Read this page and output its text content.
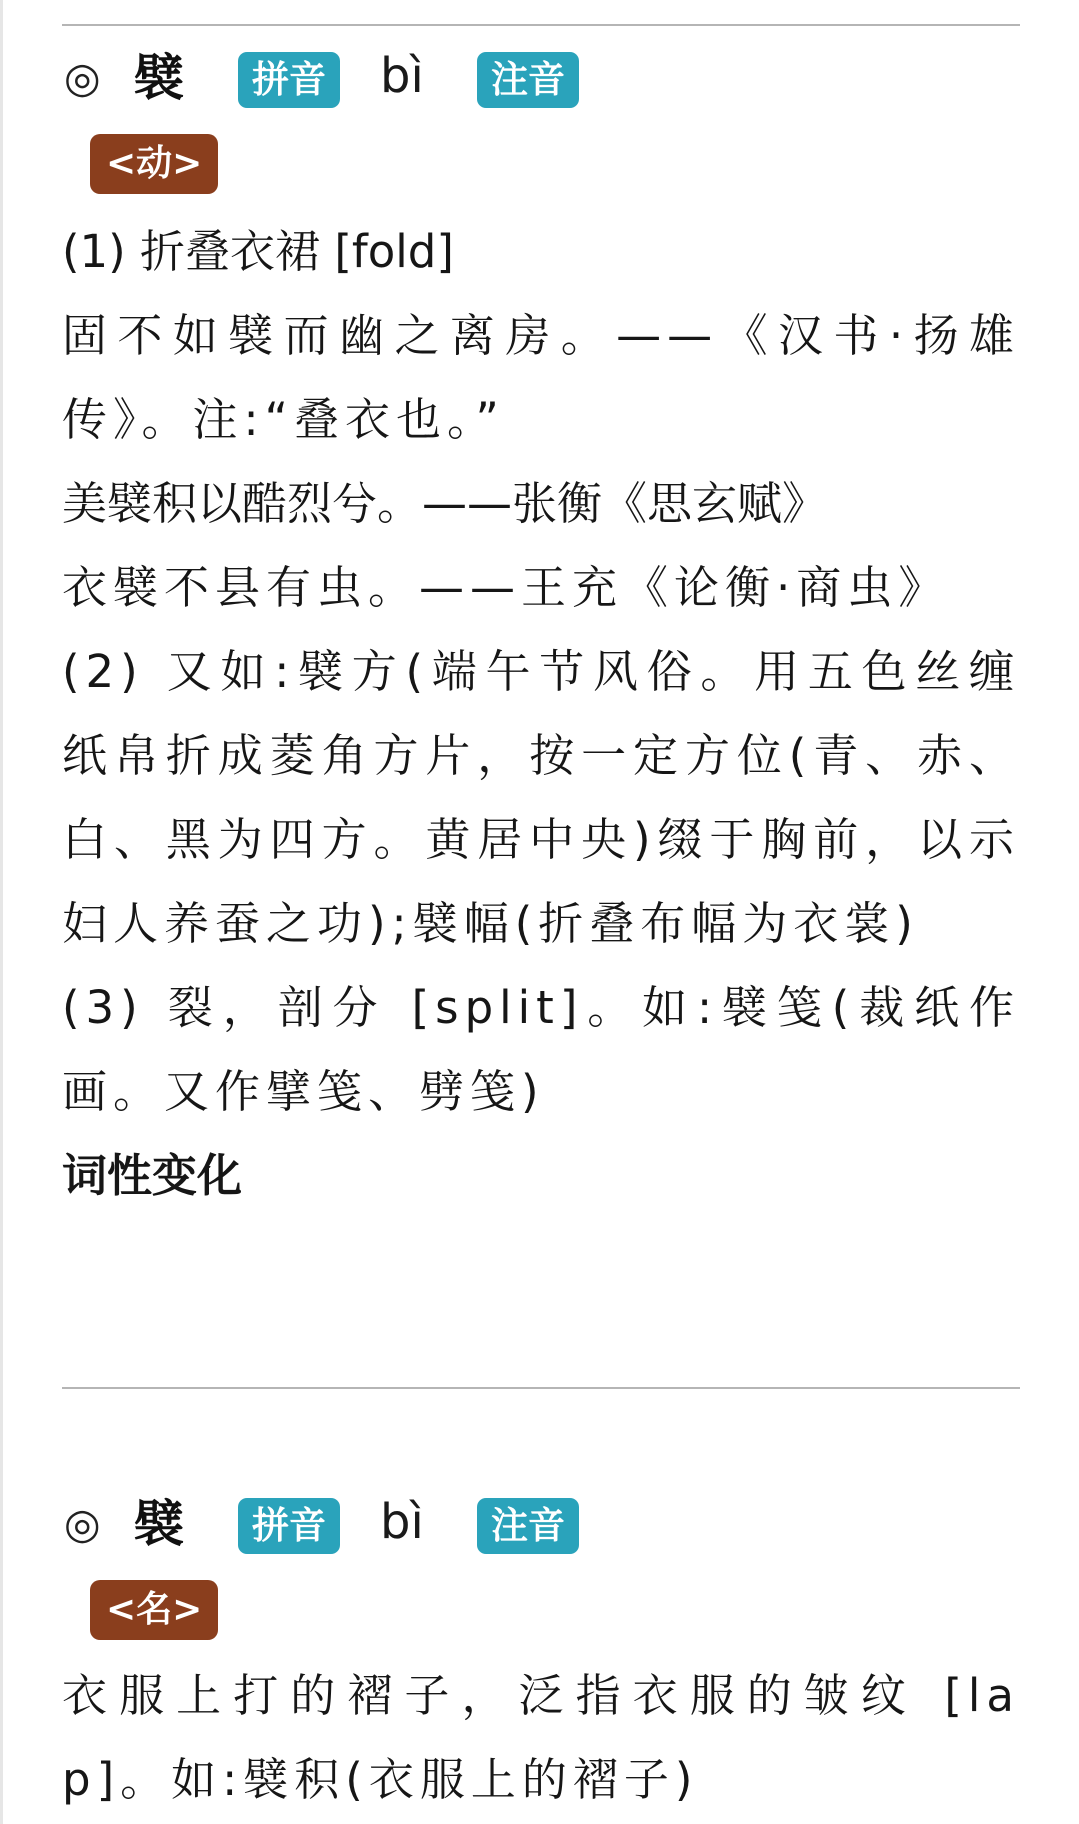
◎ 襞	拼音 bì	注音
<动>

(1) 折叠衣裙 [fold]

固不如襞而幽之离房。——《汉书·扬雄传》。注:“叠衣也。”

美襞积以酷烈兮。——张衡《思玄赋》

衣襞不县有虫。——王充《论衡·商虫》

(2) 又如:襞方(端午节风俗。用五色丝缠纸帛折成菱角方片，按一定方位(青、赤、白、黑为四方。黄居中央)缀于胸前，以示妇人养蚕之功);襞幅(折叠布幅为衣裳)

(3) 裂，剖分 [split]。如:襞笺(裁纸作画。又作擘笺、劈笺)

词性变化

◎ 襞	拼音 bì	注音
<名>

衣服上打的褶子，泛指衣服的皱纹 [lap]。如:襞积(衣服上的褶子)
